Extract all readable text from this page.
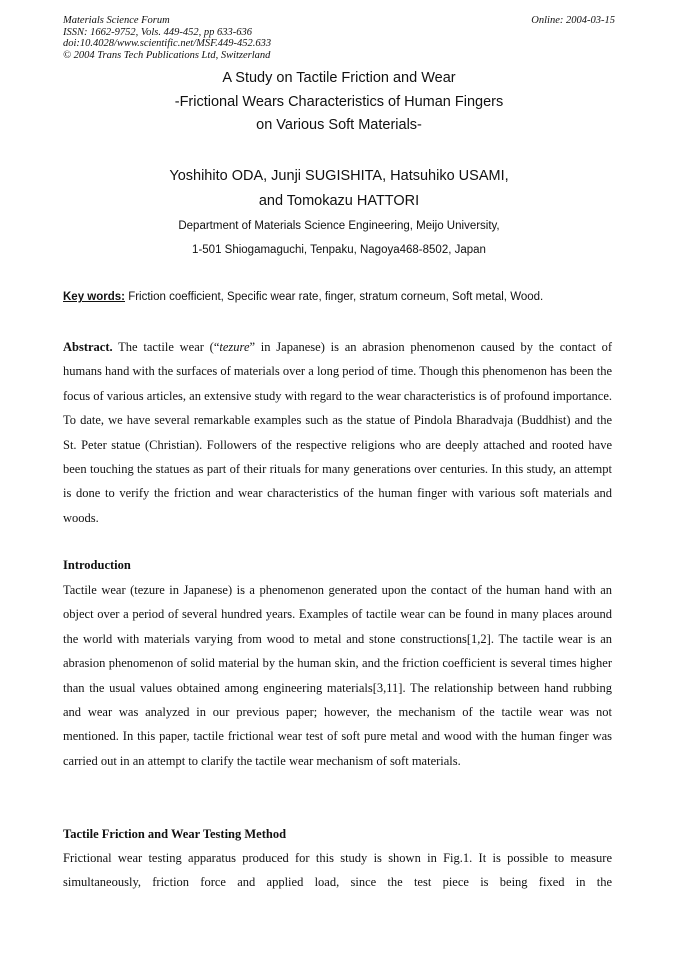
Materials Science Forum
ISSN: 1662-9752, Vols. 449-452, pp 633-636
doi:10.4028/www.scientific.net/MSF.449-452.633
© 2004 Trans Tech Publications Ltd, Switzerland
Online: 2004-03-15
A Study on Tactile Friction and Wear
-Frictional Wears Characteristics of Human Fingers
on Various Soft Materials-
Yoshihito ODA, Junji SUGISHITA, Hatsuhiko USAMI,
and Tomokazu HATTORI
Department of Materials Science Engineering, Meijo University,
1-501 Shiogamaguchi, Tenpaku, Nagoya468-8502, Japan
Key words: Friction coefficient, Specific wear rate, finger, stratum corneum, Soft metal, Wood.

Abstract. The tactile wear (“tezure” in Japanese) is an abrasion phenomenon caused by the contact of humans hand with the surfaces of materials over a long period of time. Though this phenomenon has been the focus of various articles, an extensive study with regard to the wear characteristics is of profound importance. To date, we have several remarkable examples such as the statue of Pindola Bharadvaja (Buddhist) and the St. Peter statue (Christian). Followers of the respective religions who are deeply attached and rooted have been touching the statues as part of their rituals for many generations over centuries. In this study, an attempt is done to verify the friction and wear characteristics of the human finger with various soft materials and woods.

Introduction

Tactile wear (tezure in Japanese) is a phenomenon generated upon the contact of the human hand with an object over a period of several hundred years. Examples of tactile wear can be found in many places around the world with materials varying from wood to metal and stone constructions[1,2]. The tactile wear is an abrasion phenomenon of solid material by the human skin, and the friction coefficient is several times higher than the usual values obtained among engineering materials[3,11]. The relationship between hand rubbing and wear was analyzed in our previous paper; however, the mechanism of the tactile wear was not mentioned. In this paper, tactile frictional wear test of soft pure metal and wood with the human finger was carried out in an attempt to clarify the tactile wear mechanism of soft materials.

Tactile Friction and Wear Testing Method

Frictional wear testing apparatus produced for this study is shown in Fig.1. It is possible to measure simultaneously, friction force and applied load, since the test piece is being fixed in the
